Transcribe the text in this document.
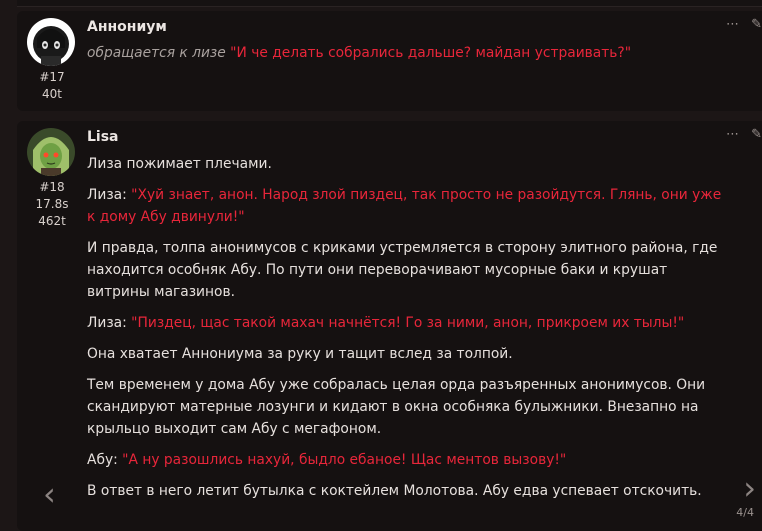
#17
40t
Аннониум	⋯ ✎

обращается к лизе "И че делать собрались дальше? майдан устраивать?"

#18
17.8s
462t
Lisa	⋯ ✎

Лиза пожимает плечами.

Лиза: "Хуй знает, анон. Народ злой пиздец, так просто не разойдутся. Глянь, они уже к дому Абу двинули!"

И правда, толпа анонимусов с криками устремляется в сторону элитного района, где находится особняк Абу. По пути они переворачивают мусорные баки и крушат витрины магазинов.

Лиза: "Пиздец, щас такой махач начнётся! Го за ними, анон, прикроем их тылы!"

Она хватает Аннониума за руку и тащит вслед за толпой.

Тем временем у дома Абу уже собралась целая орда разъяренных анонимусов. Они скандируют матерные лозунги и кидают в окна особняка булыжники. Внезапно на крыльцо выходит сам Абу с мегафоном.

Абу: "А ну разошлись нахуй, быдло ебаное! Щас ментов вызову!"

В ответ в него летит бутылка с коктейлем Молотова. Абу едва успевает отскочить.

‹	›
4/4
